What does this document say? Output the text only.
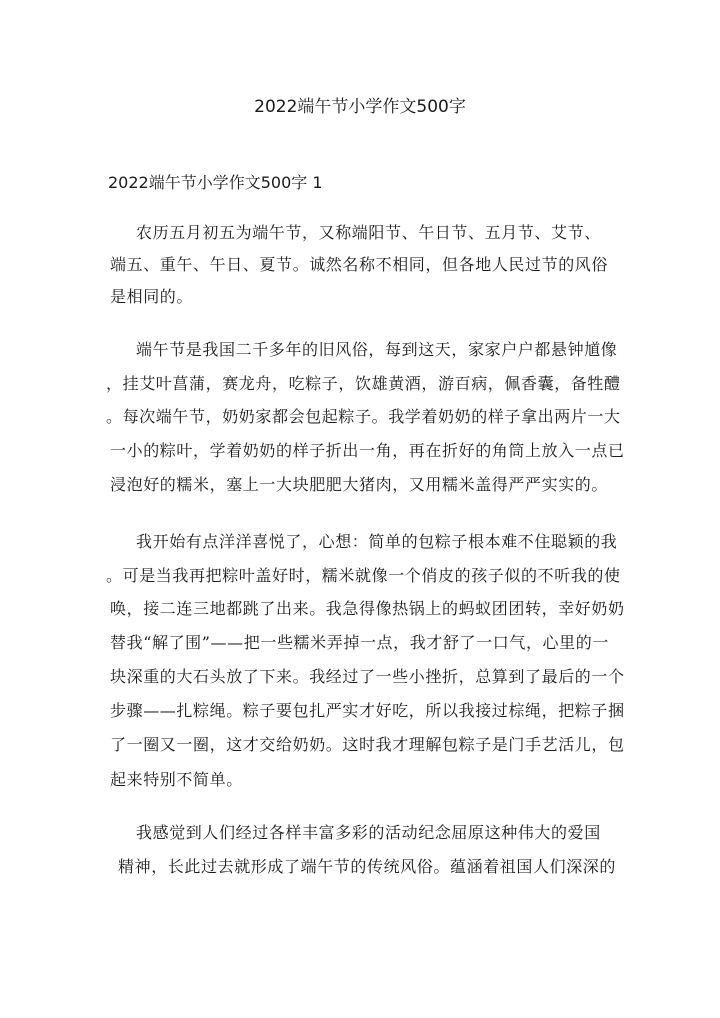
2022端午节小学作文500字
2022端午节小学作文500字 1
农历五月初五为端午节，又称端阳节、午日节、五月节、艾节、
端五、重午、午日、夏节。诚然名称不相同，但各地人民过节的风俗
是相同的。
端午节是我国二千多年的旧风俗，每到这天，家家户户都悬钟馗像
，挂艾叶菖蒲，赛龙舟，吃粽子，饮雄黄酒，游百病，佩香囊，备牲醴
。每次端午节，奶奶家都会包起粽子。我学着奶奶的样子拿出两片一大
一小的粽叶，学着奶奶的样子折出一角，再在折好的角筒上放入一点已
浸泡好的糯米，塞上一大块肥肥大猪肉，又用糯米盖得严严实实的。
我开始有点洋洋喜悦了，心想：简单的包粽子根本难不住聪颖的我
。可是当我再把粽叶盖好时，糯米就像一个俏皮的孩子似的不听我的使
唤，接二连三地都跳了出来。我急得像热锅上的蚂蚁团团转，幸好奶奶
替我“解了围”——把一些糯米弄掉一点，我才舒了一口气，心里的一
块深重的大石头放了下来。我经过了一些小挫折，总算到了最后的一个
步骤——扎粽绳。粽子要包扎严实才好吃，所以我接过棕绳，把粽子捆
了一圈又一圈，这才交给奶奶。这时我才理解包粽子是门手艺活儿，包
起来特别不简单。
我感觉到人们经过各样丰富多彩的活动纪念屈原这种伟大的爱国
精神，长此过去就形成了端午节的传统风俗。蕴涵着祖国人们深深的
